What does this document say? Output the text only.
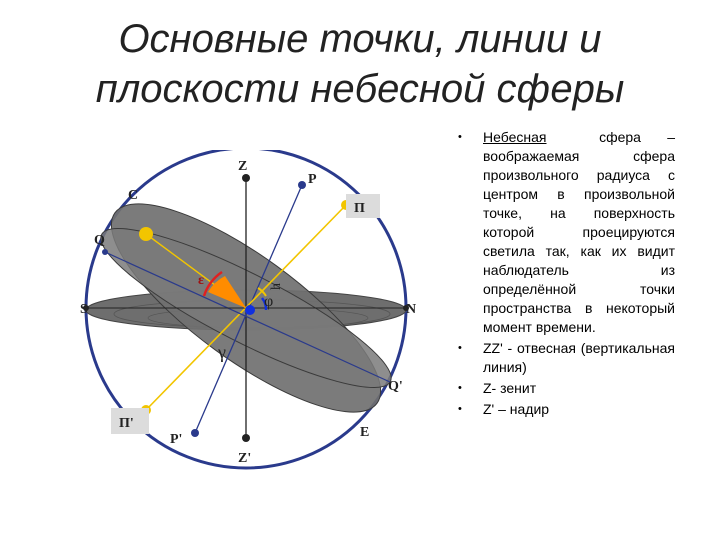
Основные точки, линии и
плоскости небесной сферы
Z
Z'
P
P'
C
Q
Q'
П
П'
S	N
E
ε
φ
h
γ
• Небесная	сфера – воображаемая сфера произвольного радиуса с центром в произвольной точке, на поверхность которой проецируются светила так, как их видит наблюдатель из определённой точки пространства в некоторый момент времени.
• ZZ' ‑ отвесная (вертикальная линия)
• Z- зенит
• Z' – надир
